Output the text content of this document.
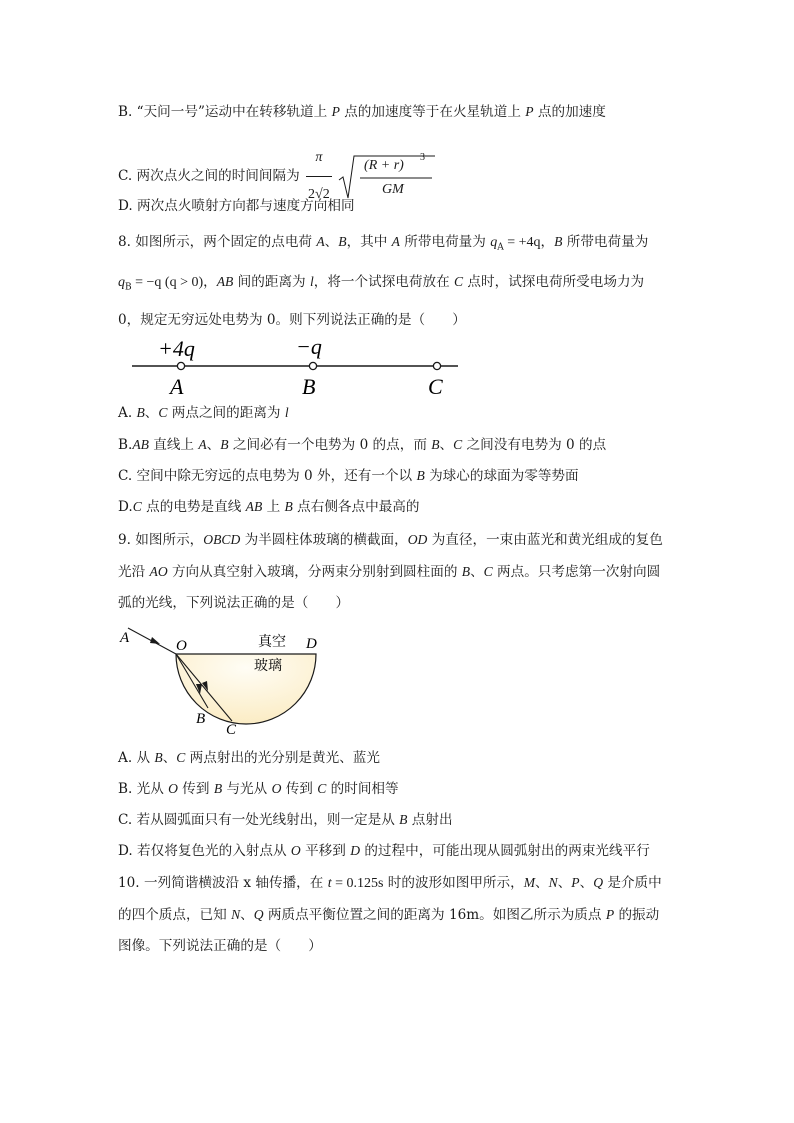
B. “天问一号”运动中在转移轨道上 P 点的加速度等于在火星轨道上 P 点的加速度
C. 两次点火之间的时间间隔为 $\frac{\pi}{2√2}$
(R + r)
3
GM
D. 两次点火喷射方向都与速度方向相同
8. 如图所示，两个固定的点电荷 A、B，其中 A 所带电荷量为 $q_A = +4q$，B 所带电荷量为
$q_B = -q$ (q > 0)，AB 间的距离为 l，将一个试探电荷放在 C 点时，试探电荷所受电场力为
0，规定无穷远处电势为 0。则下列说法正确的是（　　）
+4q	−q
A	B	C
A. B、C 两点之间的距离为 l
B.AB 直线上 A、B 之间必有一个电势为 0 的点，而 B、C 之间没有电势为 0 的点
C. 空间中除无穷远的点电势为 0 外，还有一个以 B 为球心的球面为零等势面
D.C 点的电势是直线 AB 上 B 点右侧各点中最高的
9. 如图所示，OBCD 为半圆柱体玻璃的横截面，OD 为直径，一束由蓝光和黄光组成的复色
光沿 AO 方向从真空射入玻璃，分两束分别射到圆柱面的 B、C 两点。只考虑第一次射向圆
弧的光线，下列说法正确的是（　　）
A	O	D
B
C
真空
玻璃
A. 从 B、C 两点射出的光分别是黄光、蓝光
B. 光从 O 传到 B 与光从 O 传到 C 的时间相等
C. 若从圆弧面只有一处光线射出，则一定是从 B 点射出
D. 若仅将复色光的入射点从 O 平移到 D 的过程中，可能出现从圆弧射出的两束光线平行
10. 一列简谐横波沿 x 轴传播，在 t = 0.125s 时的波形如图甲所示，M、N、P、Q 是介质中
的四个质点，已知 N、Q 两质点平衡位置之间的距离为 16m。如图乙所示为质点 P 的振动
图像。下列说法正确的是（　　）
